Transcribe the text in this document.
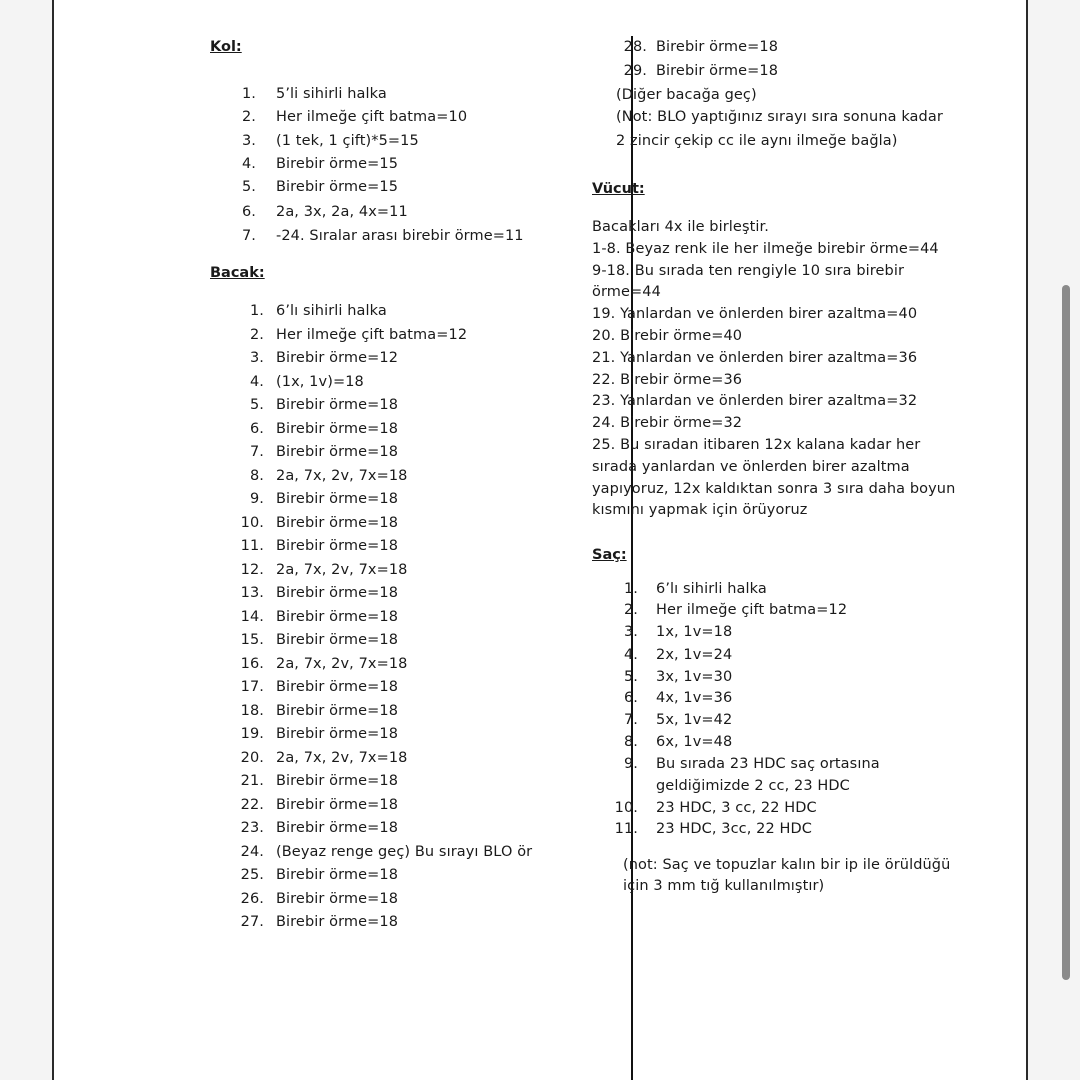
Kol:
1. 5’li sihirli halka
2. Her ilmeğe çift batma=10
3. (1 tek, 1 çift)*5=15
4. Birebir örme=15
5. Birebir örme=15
6. 2a, 3x, 2a, 4x=11
7. -24. Sıralar arası birebir örme=11
Bacak:
1. 6’lı sihirli halka
2. Her ilmeğe çift batma=12
3. Birebir örme=12
4. (1x, 1v)=18
5. Birebir örme=18
6. Birebir örme=18
7. Birebir örme=18
8. 2a, 7x, 2v, 7x=18
9. Birebir örme=18
10. Birebir örme=18
11. Birebir örme=18
12. 2a, 7x, 2v, 7x=18
13. Birebir örme=18
14. Birebir örme=18
15. Birebir örme=18
16. 2a, 7x, 2v, 7x=18
17. Birebir örme=18
18. Birebir örme=18
19. Birebir örme=18
20. 2a, 7x, 2v, 7x=18
21. Birebir örme=18
22. Birebir örme=18
23. Birebir örme=18
24. (Beyaz renge geç) Bu sırayı BLO ör
25. Birebir örme=18
26. Birebir örme=18
27. Birebir örme=18
28. Birebir örme=18
29. Birebir örme=18
(Diğer bacağa geç)
(Not: BLO yaptığınız sırayı sıra sonuna kadar
2 zincir çekip cc ile aynı ilmeğe bağla)
Vücut:
Bacakları 4x ile birleştir.
1-8. Beyaz renk ile her ilmeğe birebir örme=44
9-18. Bu sırada ten rengiyle 10 sıra birebir
örme=44
19. Yanlardan ve önlerden birer azaltma=40
20. Birebir örme=40
21. Yanlardan ve önlerden birer azaltma=36
22. Birebir örme=36
23. Yanlardan ve önlerden birer azaltma=32
24. Birebir örme=32
25. Bu sıradan itibaren 12x kalana kadar her
sırada yanlardan ve önlerden birer azaltma
yapıyoruz, 12x kaldıktan sonra 3 sıra daha boyun
kısmını yapmak için örüyoruz
Saç:
1. 6’lı sihirli halka
2. Her ilmeğe çift batma=12
3. 1x, 1v=18
4. 2x, 1v=24
5. 3x, 1v=30
6. 4x, 1v=36
7. 5x, 1v=42
8. 6x, 1v=48
9. Bu sırada 23 HDC saç ortasına
geldiğimizde 2 cc, 23 HDC
10. 23 HDC, 3 cc, 22 HDC
11. 23 HDC, 3cc, 22 HDC
(not: Saç ve topuzlar kalın bir ip ile örüldüğü
için 3 mm tığ kullanılmıştır)
